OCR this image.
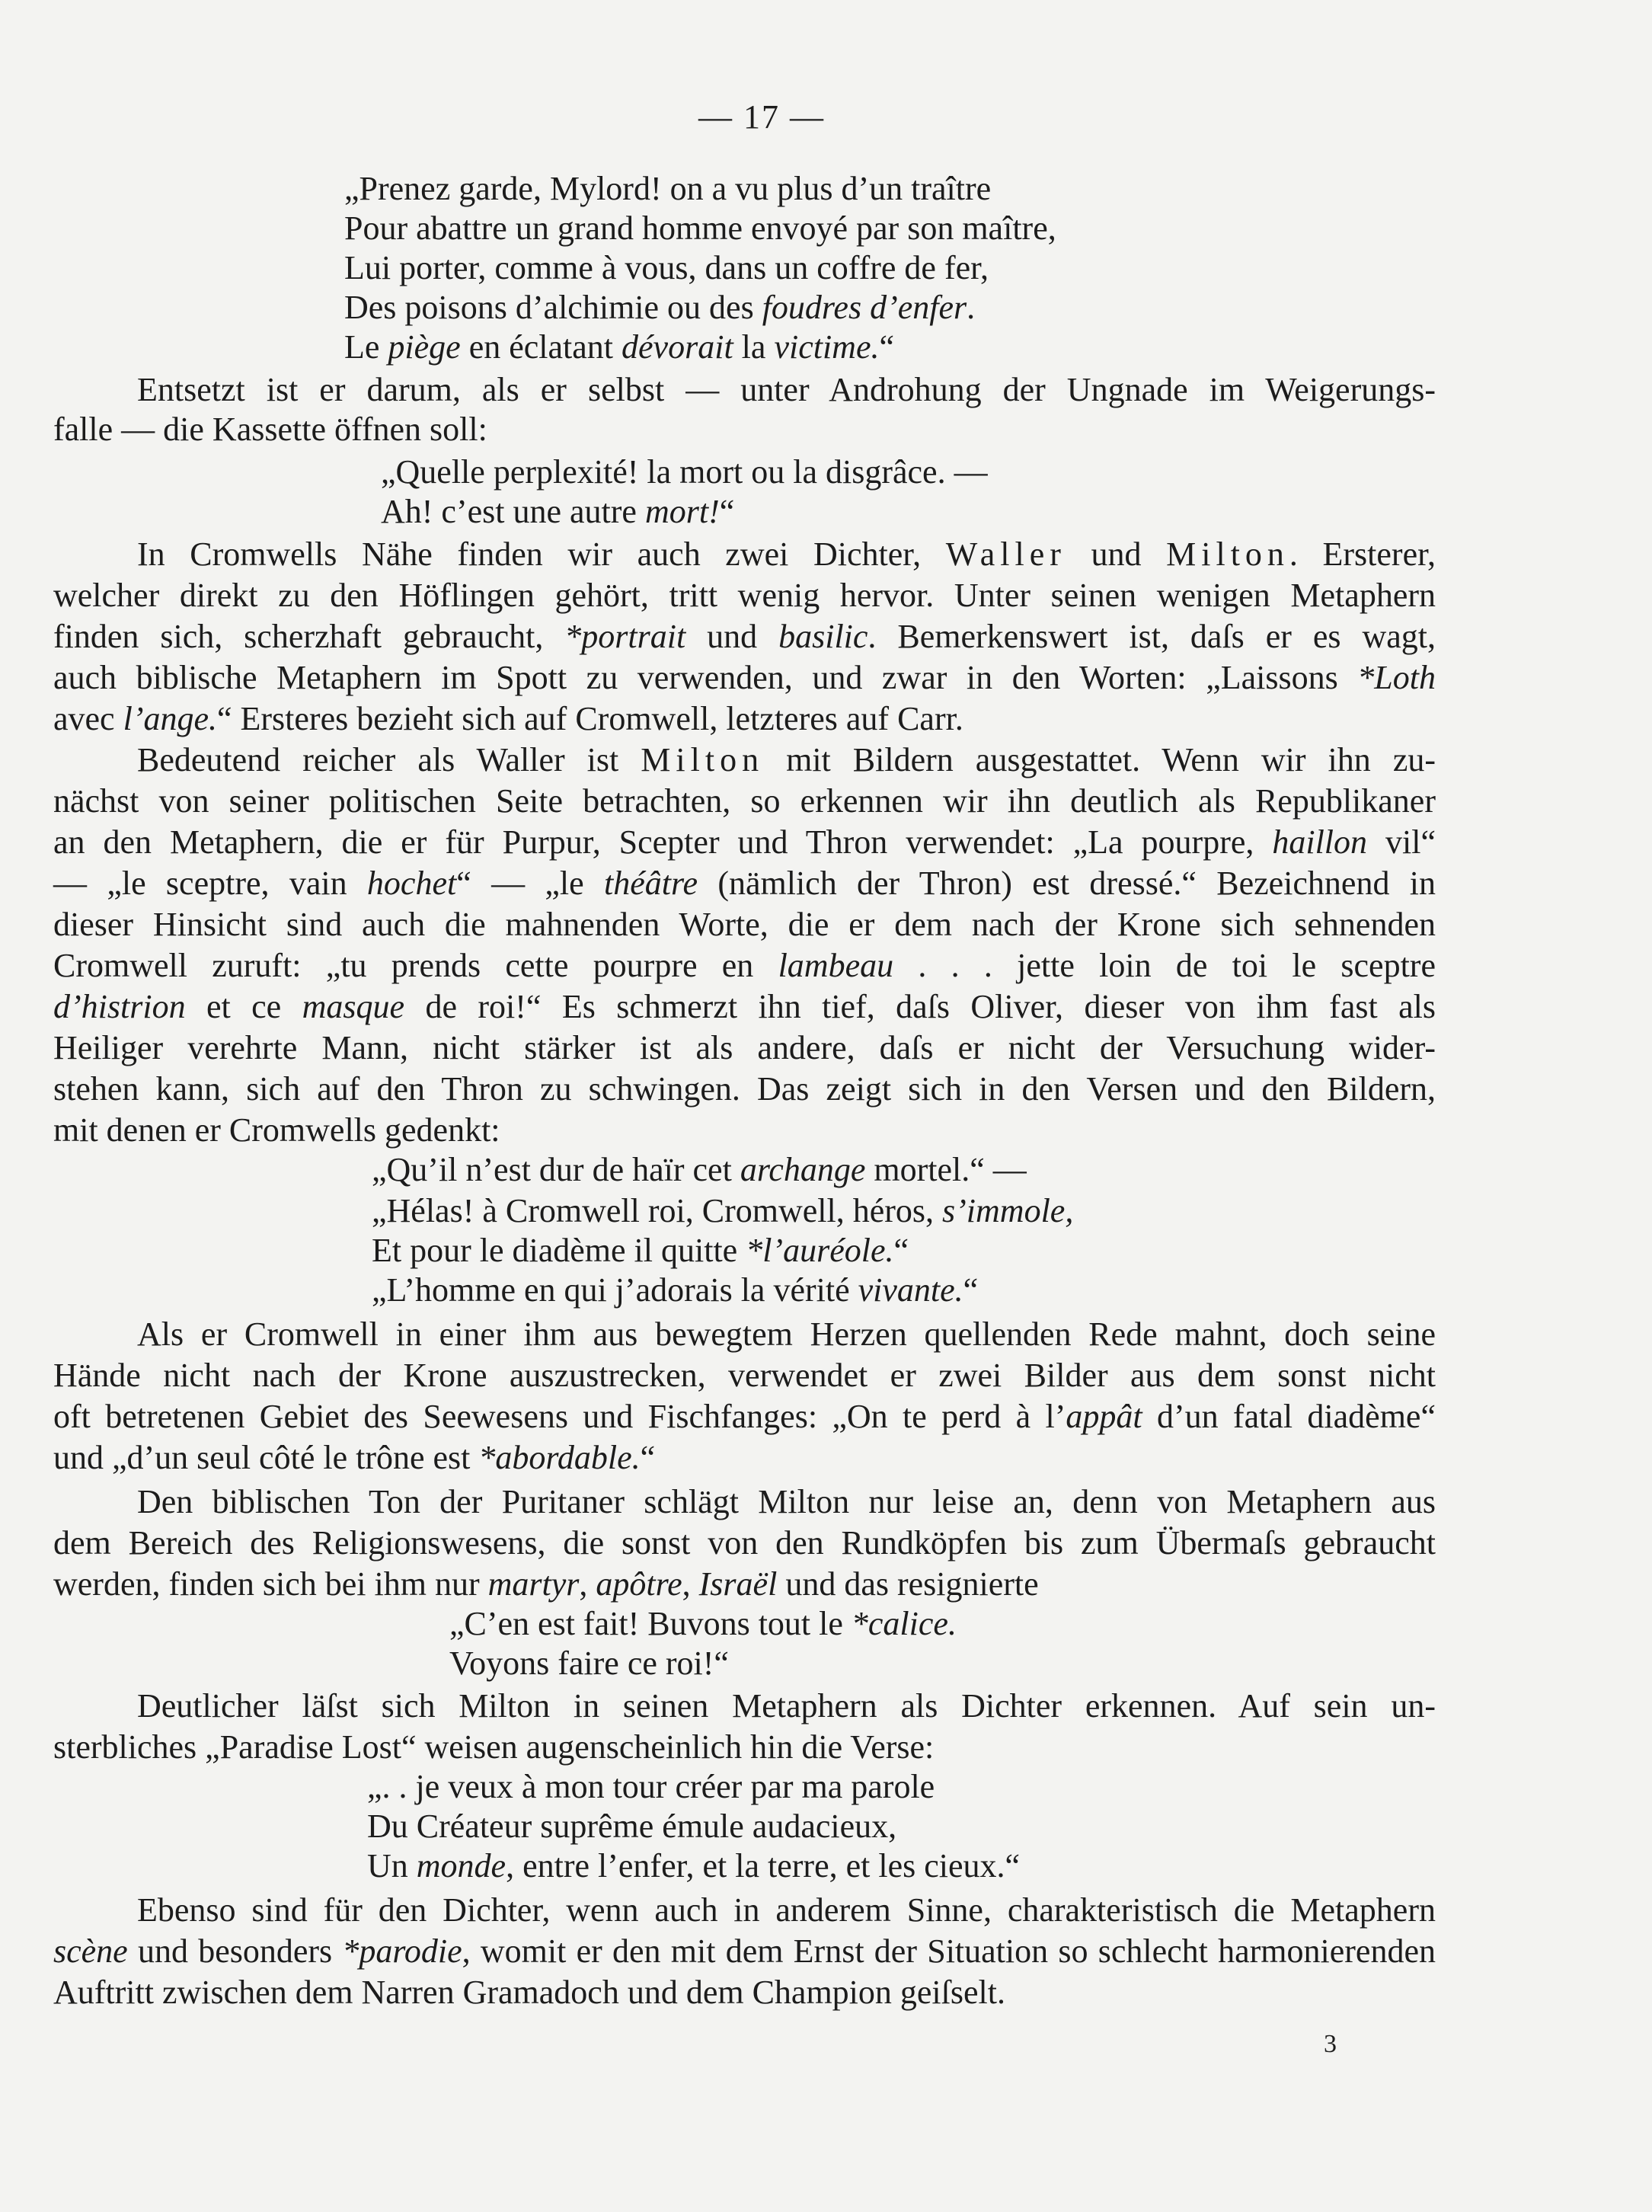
— 17 —
„Prenez garde, Mylord! on a vu plus d’un traître
Pour abattre un grand homme envoyé par son maître,
Lui porter, comme à vous, dans un coffre de fer,
Des poisons d’alchimie ou des foudres d’enfer.
Le piège en éclatant dévorait la victime.“
Entsetzt ist er darum, als er selbst — unter Androhung der Ungnade im Weigerungs-
falle — die Kassette öffnen soll:
„Quelle perplexité! la mort ou la disgrâce. —
Ah! c’est une autre mort!“
In Cromwells Nähe finden wir auch zwei Dichter, Waller und Milton. Ersterer,
welcher direkt zu den Höflingen gehört, tritt wenig hervor. Unter seinen wenigen Metaphern
finden sich, scherzhaft gebraucht, *portrait und basilic. Bemerkenswert ist, daſs er es wagt,
auch biblische Metaphern im Spott zu verwenden, und zwar in den Worten: „Laissons *Loth
avec l’ange.“ Ersteres bezieht sich auf Cromwell, letzteres auf Carr.
Bedeutend reicher als Waller ist Milton mit Bildern ausgestattet. Wenn wir ihn zu-
nächst von seiner politischen Seite betrachten, so erkennen wir ihn deutlich als Republikaner
an den Metaphern, die er für Purpur, Scepter und Thron verwendet: „La pourpre, haillon vil“
— „le sceptre, vain hochet“ — „le théâtre (nämlich der Thron) est dressé.“ Bezeichnend in
dieser Hinsicht sind auch die mahnenden Worte, die er dem nach der Krone sich sehnenden
Cromwell zuruft: „tu prends cette pourpre en lambeau . . . jette loin de toi le sceptre
d’histrion et ce masque de roi!“ Es schmerzt ihn tief, daſs Oliver, dieser von ihm fast als
Heiliger verehrte Mann, nicht stärker ist als andere, daſs er nicht der Versuchung wider-
stehen kann, sich auf den Thron zu schwingen. Das zeigt sich in den Versen und den Bildern,
mit denen er Cromwells gedenkt:
„Qu’il n’est dur de haïr cet archange mortel.“ —
„Hélas! à Cromwell roi, Cromwell, héros, s’immole,
Et pour le diadème il quitte *l’auréole.“
„L’homme en qui j’adorais la vérité vivante.“
Als er Cromwell in einer ihm aus bewegtem Herzen quellenden Rede mahnt, doch seine
Hände nicht nach der Krone auszustrecken, verwendet er zwei Bilder aus dem sonst nicht
oft betretenen Gebiet des Seewesens und Fischfanges: „On te perd à l’appât d’un fatal diadème“
und „d’un seul côté le trône est *abordable.“
Den biblischen Ton der Puritaner schlägt Milton nur leise an, denn von Metaphern aus
dem Bereich des Religionswesens, die sonst von den Rundköpfen bis zum Übermaſs gebraucht
werden, finden sich bei ihm nur martyr, apôtre, Israël und das resignierte
„C’en est fait! Buvons tout le *calice.
Voyons faire ce roi!“
Deutlicher läſst sich Milton in seinen Metaphern als Dichter erkennen. Auf sein un-
sterbliches „Paradise Lost“ weisen augenscheinlich hin die Verse:
„. . je veux à mon tour créer par ma parole
Du Créateur suprême émule audacieux,
Un monde, entre l’enfer, et la terre, et les cieux.“
Ebenso sind für den Dichter, wenn auch in anderem Sinne, charakteristisch die Metaphern
scène und besonders *parodie, womit er den mit dem Ernst der Situation so schlecht harmonierenden
Auftritt zwischen dem Narren Gramadoch und dem Champion geiſselt.
3
